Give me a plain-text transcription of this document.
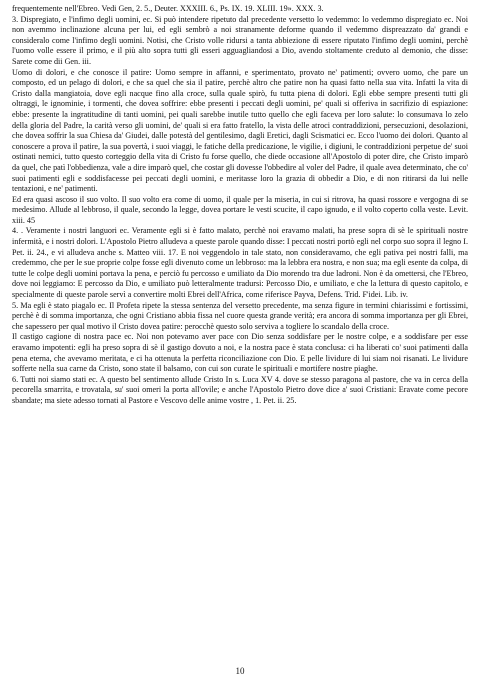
frequentemente nell'Ebreo. Vedi Gen, 2. 5., Deuter. XXXIII. 6., Ps. IX. 19. XLIII. 19». XXX. 3.

3. Dispregiato, e l'infimo degli uomini, ec. Si può intendere ripetuto dal precedente versetto lo vedemmo: lo vedemmo dispregiato ec. Noi non avemmo inclinazione alcuna per lui, ed egli sembrò a noi stranamente deforme quando il vedemmo dispreazzato da' grandi e consideralo come l'infimo degli uomini. Notisi, che Cristo volle ridursi a tanta abbiezione di essere riputato l'infimo degli uomini, perchè l'uomo volle essere il primo, e il più alto sopra tutti gli esseri agguagliandosi a Dio, avendo stoltamente creduto al demonio, che disse: Sarete come dii Gen. iii.

Uomo di dolori, e che conosce il patire: Uomo sempre in affanni, e sperimentato, provato ne' patimenti; ovvero uomo, che pare un composto, ed un pelago di dolori, e che sa quel che sia il patire, perchè altro che patire non ha quasi fatto nella sua vita. Infatti la vita di Cristo dalla mangiatoia, dove egli nacque fino alla croce, sulla quale spirò, fu tutta piena di dolori. Egli ebbe sempre presenti tutti gli oltraggi, le ignominie, i tormenti, che dovea soffrire: ebbe presenti i peccati degli uomini, pe' quali si offeriva in sacrifizio di espiazione: ebbe: presente la ingratitudine di tanti uomini, pei quali sarebbe inutile tutto quello che egli faceva per loro salute: lo consumava lo zelo della gloria del Padre, la carità verso gli uomini, de' quali si era fatto fratello, la vista delle atroci contraddizioni, persecuzioni, desolazioni, che dovea soffrir la sua Chiesa da' Giudei, dalle potestà del gentilesimo, dagli Eretici, dagli Scismatici ec. Ecco l'uomo dei dolori. Quanto al conoscere a prova il patire, la sua povertà, i suoi viaggi, le fatiche della predicazione, le vigilie, i digiuni, le contraddizioni perpetue de' suoi ostinati nemici, tutto questo corteggio della vita di Cristo fu forse quello, che diede occasione all'Apostolo di poter dire, che Cristo imparò da quel, che patì l'obbedienza, vale a dire imparò quel, che costar gli dovesse l'obbedire al voler del Padre, il quale avea determinato, che co' suoi patimenti egli e soddisfacesse pei peccati degli uomini, e meritasse loro la grazia di obbedir a Dio, e di non ritirarsi da lui nelle tentazioni, e ne' patimenti.

Ed era quasi ascoso il suo volto. Il suo volto era come di uomo, il quale per la miseria, in cui si ritrova, ha quasi rossore e vergogna di se medesimo. Allude al lebbroso, il quale, secondo la legge, dovea portare le vesti scucite, il capo ignudo, e il volto coperto colla veste. Levit. xiii. 45

4. . Veramente i nostri languori ec. Veramente egli si è fatto malato, perchè noi eravamo malati, ha prese sopra di sè le spirituali nostre infermità, e i nostri dolori. L'Apostolo Pietro alludeva a queste parole quando disse: I peccati nostri portò egli nel corpo suo sopra il legno I. Pet. ii. 24., e vi alludeva anche s. Matteo viii. 17. E noi veggendolo in tale stato, non consideravamo, che egli pativa pei nostri falli, ma credemmo, che per le sue proprie colpe fosse egli divenuto come un lebbroso: ma la lebbra era nostra, e non sua; ma egli esente da colpa, di tutte le colpe degli uomini portava la pena, e perciò fu percosso e umiliato da Dio morendo tra due ladroni. Non è da omettersi, che l'Ebreo, dove noi leggiamo: E percosso da Dio, e umiliato può letteralmente tradursi: Percosso Dio, e umiliato, e che la lettura di questo capitolo, e specialmente di queste parole servì a convertire molti Ebrei dell'Africa, come riferisce Payva, Defens. Trid. F'idei. Lib. iv.

5. Ma egli è stato piagalo ec. Il Profeta ripete la stessa sentenza del versetto precedente, ma senza figure in termini chiarissimi e fortissimi, perchè è di somma importanza, che ogni Cristiano abbia fissa nel cuore questa grande verità; era ancora di somma importanza per gli Ebrei, che sapessero per qual motivo il Cristo dovea patire: perocchè questo solo serviva a togliere lo scandalo della croce.

Il castigo cagione di nostra pace ec. Noi non potevamo aver pace con Dio senza soddisfare per le nostre colpe, e a soddisfare per esse eravamo impotenti: egli ha preso sopra di sè il gastigo dovuto a noi, e la nostra pace è stata conclusa: ci ha liberati co' suoi patimenti dalla pena eterna, che avevamo meritata, e ci ha ottenuta la perfetta riconciliazione con Dio. E pelle lividure di lui siam noi risanati. Le lividure sofferte nella sua carne da Cristo, sono state il balsamo, con cui son curate le spirituali e mortifere nostre piaghe.

6. Tutti noi siamo stati ec. A questo bel sentimento allude Cristo In s. Luca XV 4. dove se stesso paragona al pastore, che va in cerca della pecorella smarrita, e trovatala, su' suoi omeri la porta all'ovile; e anche l'Apostolo Pietro dove dice a' suoi Cristiani: Eravate come pecore sbandate; ma siete adesso tornati al Pastore e Vescovo delle anime vostre , 1. Pet. ii. 25.

10
